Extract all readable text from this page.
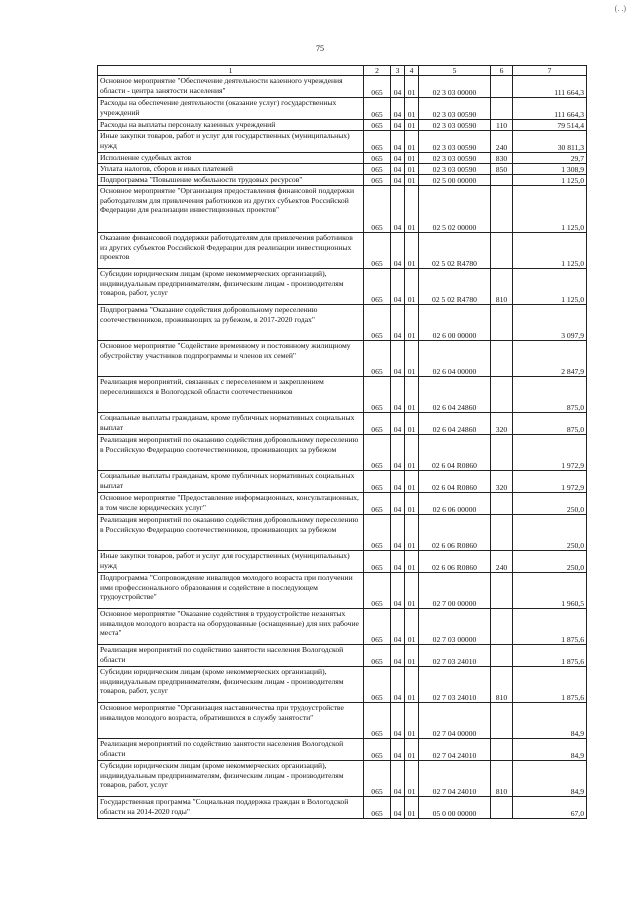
(. .)
75
1	2	3	4	5	6	7
Основное мероприятие "Обеспечение деятельности казенного учреждения области - центра занятости населения"	065	04	01	02 3 03 00000		111 664,3
Расходы на обеспечение деятельности (оказание услуг) государственных учреждений	065	04	01	02 3 03 00590		111 664,3
Расходы на выплаты персоналу казенных учреждений	065	04	01	02 3 03 00590	110	79 514,4
Иные закупки товаров, работ и услуг для государственных (муниципальных) нужд	065	04	01	02 3 03 00590	240	30 811,3
Исполнение судебных актов	065	04	01	02 3 03 00590	830	29,7
Уплата налогов, сборов и иных платежей	065	04	01	02 3 03 00590	850	1 308,9
Подпрограмма "Повышение мобильности трудовых ресурсов"	065	04	01	02 5 00 00000		1 125,0
Основное мероприятие "Организация предоставления финансовой поддержки работодателям для привлечения работников из других субъектов Российской Федерации для реализации инвестиционных проектов"	065	04	01	02 5 02 00000		1 125,0
Оказание финансовой поддержки работодателям для привлечения работников из других субъектов Российской Федерации для реализации инвестиционных проектов	065	04	01	02 5 02 R4780		1 125,0
Субсидии юридическим лицам (кроме некоммерческих организаций), индивидуальным предпринимателям, физическим лицам - производителям товаров, работ, услуг	065	04	01	02 5 02 R4780	810	1 125,0
Подпрограмма "Оказание содействия добровольному переселению соотечественников, проживающих за рубежом, в 2017-2020 годах"	065	04	01	02 6 00 00000		3 097,9
Основное мероприятие "Содействие временному и постоянному жилищному обустройству участников подпрограммы и членов их семей"	065	04	01	02 6 04 00000		2 847,9
Реализация мероприятий, связанных с переселением и закреплением переселившихся в Вологодской области соотечественников	065	04	01	02 6 04 24860		875,0
Социальные выплаты гражданам, кроме публичных нормативных социальных выплат	065	04	01	02 6 04 24860	320	875,0
Реализация мероприятий по оказанию содействия добровольному переселению в Российскую Федерацию соотечественников, проживающих за рубежом	065	04	01	02 6 04 R0860		1 972,9
Социальные выплаты гражданам, кроме публичных нормативных социальных выплат	065	04	01	02 6 04 R0860	320	1 972,9
Основное мероприятие "Предоставление информационных, консультационных, в том числе юридических услуг"	065	04	01	02 6 06 00000		250,0
Реализация мероприятий по оказанию содействия добровольному переселению в Российскую Федерацию соотечественников, проживающих за рубежом	065	04	01	02 6 06 R0860		250,0
Иные закупки товаров, работ и услуг для государственных (муниципальных) нужд	065	04	01	02 6 06 R0860	240	250,0
Подпрограмма "Сопровождение инвалидов молодого возраста при получении ими профессионального образования и содействие в последующем трудоустройстве"	065	04	01	02 7 00 00000		1 960,5
Основное мероприятие "Оказание содействия в трудоустройстве незанятых инвалидов молодого возраста на оборудованные (оснащенные) для них рабочие места"	065	04	01	02 7 03 00000		1 875,6
Реализация мероприятий по содействию занятости населения Вологодской области	065	04	01	02 7 03 24010		1 875,6
Субсидии юридическим лицам (кроме некоммерческих организаций), индивидуальным предпринимателям, физическим лицам - производителям товаров, работ, услуг	065	04	01	02 7 03 24010	810	1 875,6
Основное мероприятие "Организация наставничества при трудоустройстве инвалидов молодого возраста, обратившихся в службу занятости"	065	04	01	02 7 04 00000		84,9
Реализация мероприятий по содействию занятости населения Вологодской области	065	04	01	02 7 04 24010		84,9
Субсидии юридическим лицам (кроме некоммерческих организаций), индивидуальным предпринимателям, физическим лицам - производителям товаров, работ, услуг	065	04	01	02 7 04 24010	810	84,9
Государственная программа "Социальная поддержка граждан в Вологодской области на 2014-2020 годы"	065	04	01	05 0 00 00000		67,0
